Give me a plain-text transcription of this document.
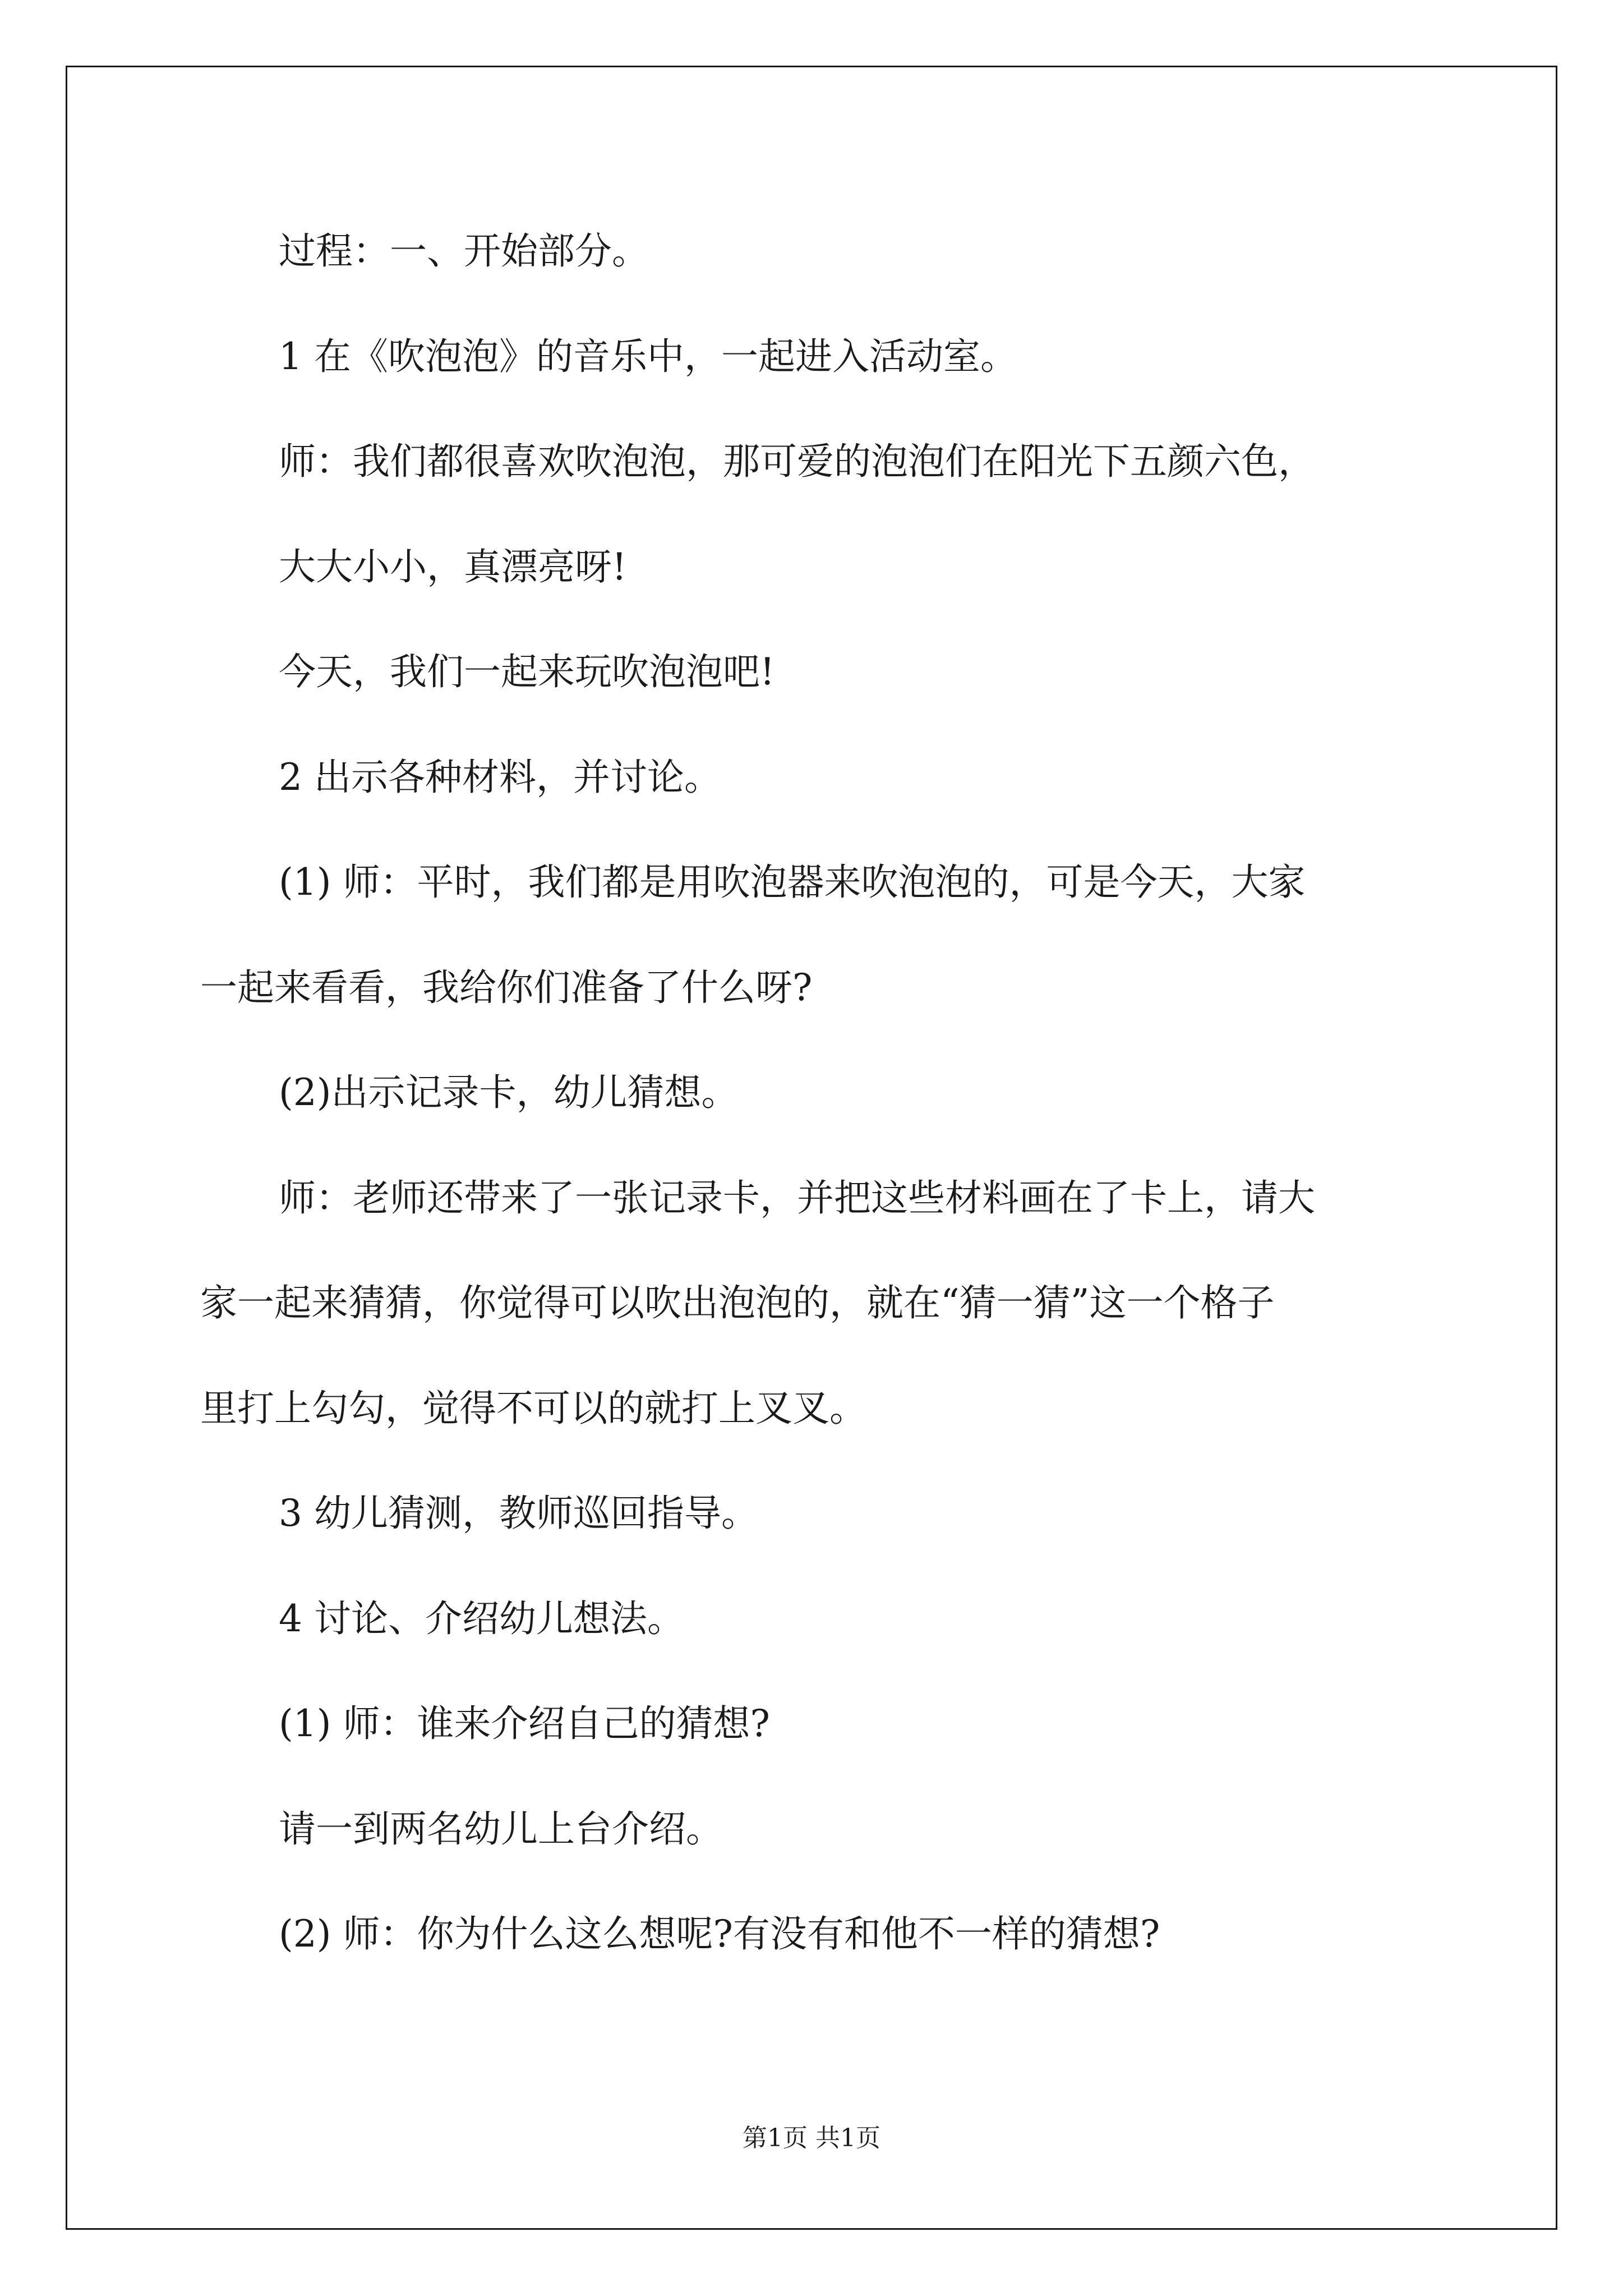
过程：一、开始部分。
1 在《吹泡泡》的音乐中，一起进入活动室。
师：我们都很喜欢吹泡泡，那可爱的泡泡们在阳光下五颜六色，
大大小小，真漂亮呀!
今天，我们一起来玩吹泡泡吧!
2 出示各种材料，并讨论。
(1) 师：平时，我们都是用吹泡器来吹泡泡的，可是今天，大家
一起来看看，我给你们准备了什么呀?
(2)出示记录卡，幼儿猜想。
师：老师还带来了一张记录卡，并把这些材料画在了卡上，请大
家一起来猜猜，你觉得可以吹出泡泡的，就在“猜一猜”这一个格子
里打上勾勾，觉得不可以的就打上叉叉。
3 幼儿猜测，教师巡回指导。
4 讨论、介绍幼儿想法。
(1) 师：谁来介绍自己的猜想?
请一到两名幼儿上台介绍。
(2) 师：你为什么这么想呢?有没有和他不一样的猜想?
第1页 共1页
